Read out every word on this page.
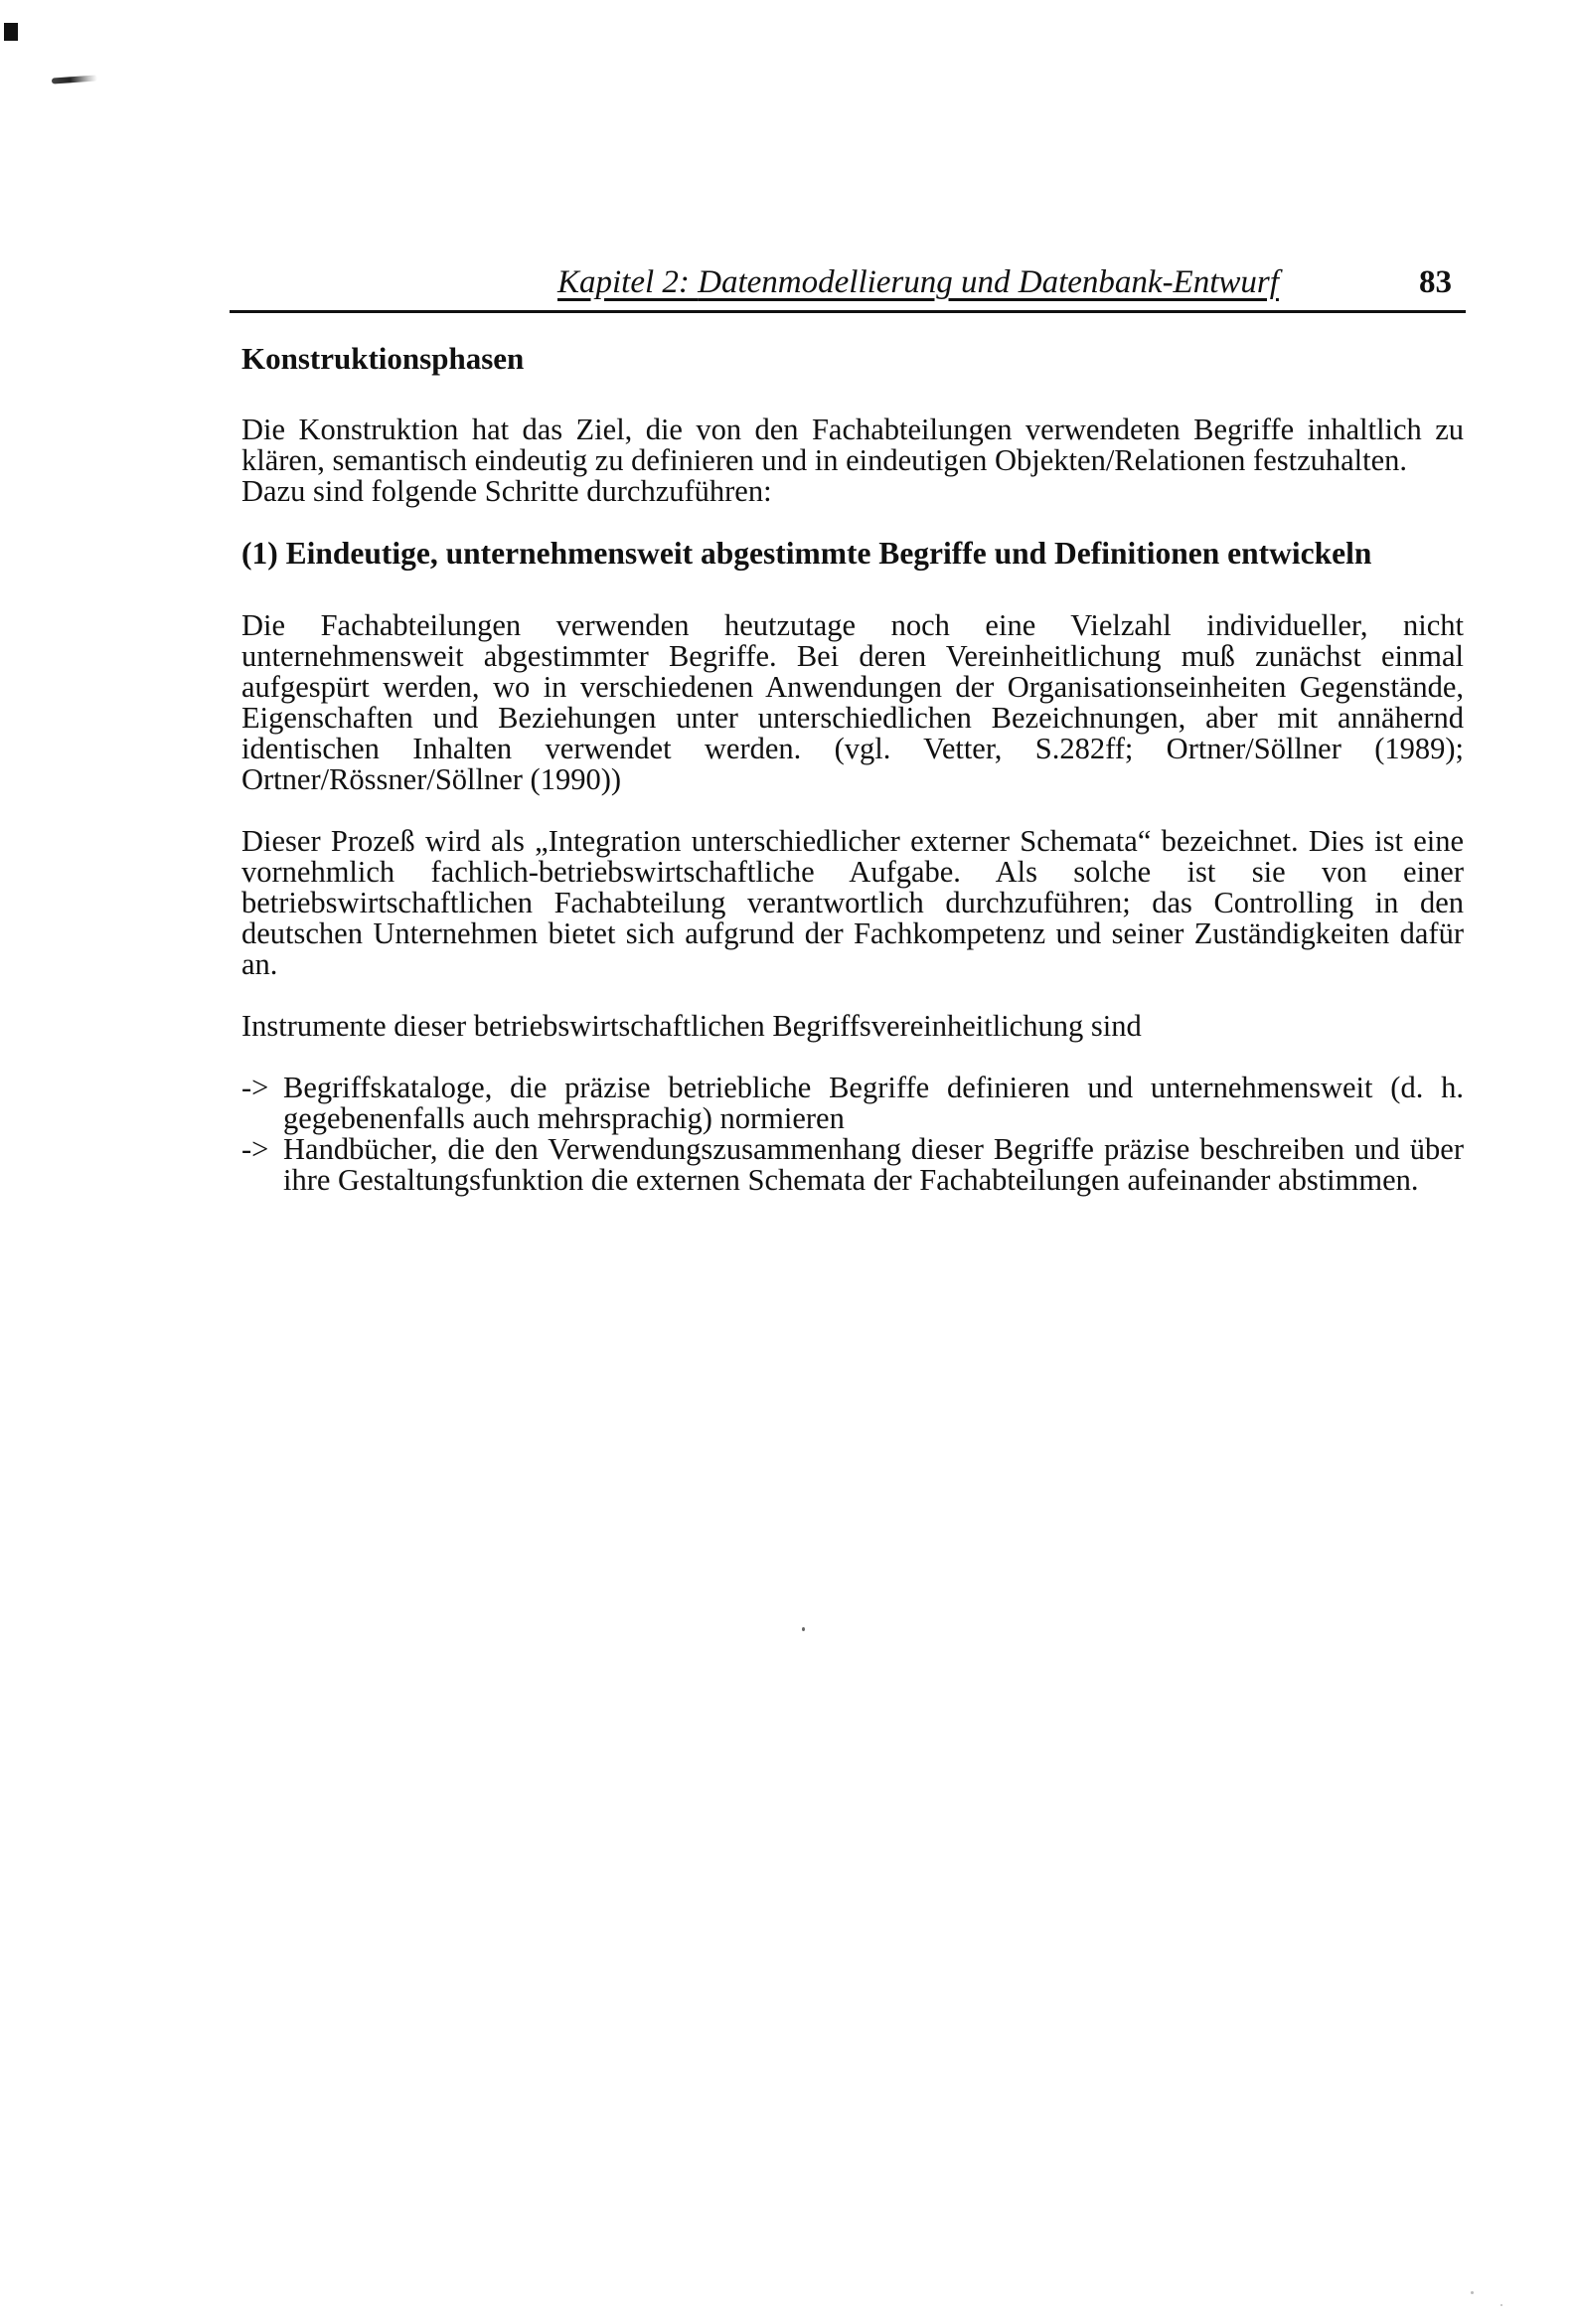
Kapitel 2: Datenmodellierung und Datenbank-Entwurf	83
Konstruktionsphasen

Die Konstruktion hat das Ziel, die von den Fachabteilungen verwendeten Begriffe inhaltlich zu klären, semantisch eindeutig zu definieren und in eindeutigen Objekten/Relationen festzuhalten.

Dazu sind folgende Schritte durchzuführen:

(1) Eindeutige, unternehmensweit abgestimmte Begriffe und Definitionen entwickeln

Die Fachabteilungen verwenden heutzutage noch eine Vielzahl individueller, nicht unternehmensweit abgestimmter Begriffe. Bei deren Vereinheitlichung muß zunächst einmal aufgespürt werden, wo in verschiedenen Anwendungen der Organisationseinheiten Gegenstände, Eigenschaften und Beziehungen unter unterschiedlichen Bezeichnungen, aber mit annähernd identischen Inhalten verwendet werden. (vgl. Vetter, S.282ff; Ortner/Söllner (1989); Ortner/Rössner/Söllner (1990))

Dieser Prozeß wird als „Integration unterschiedlicher externer Schemata“ bezeichnet. Dies ist eine vornehmlich fachlich-betriebswirtschaftliche Aufgabe. Als solche ist sie von einer betriebswirtschaftlichen Fachabteilung verantwortlich durchzuführen; das Controlling in den deutschen Unternehmen bietet sich aufgrund der Fachkompetenz und seiner Zuständigkeiten dafür an.

Instrumente dieser betriebswirtschaftlichen Begriffsvereinheitlichung sind

-> Begriffskataloge, die präzise betriebliche Begriffe definieren und unternehmensweit (d. h. gegebenenfalls auch mehrsprachig) normieren
-> Handbücher, die den Verwendungszusammenhang dieser Begriffe präzise beschreiben und über ihre Gestaltungsfunktion die externen Schemata der Fachabteilungen aufeinander abstimmen.
